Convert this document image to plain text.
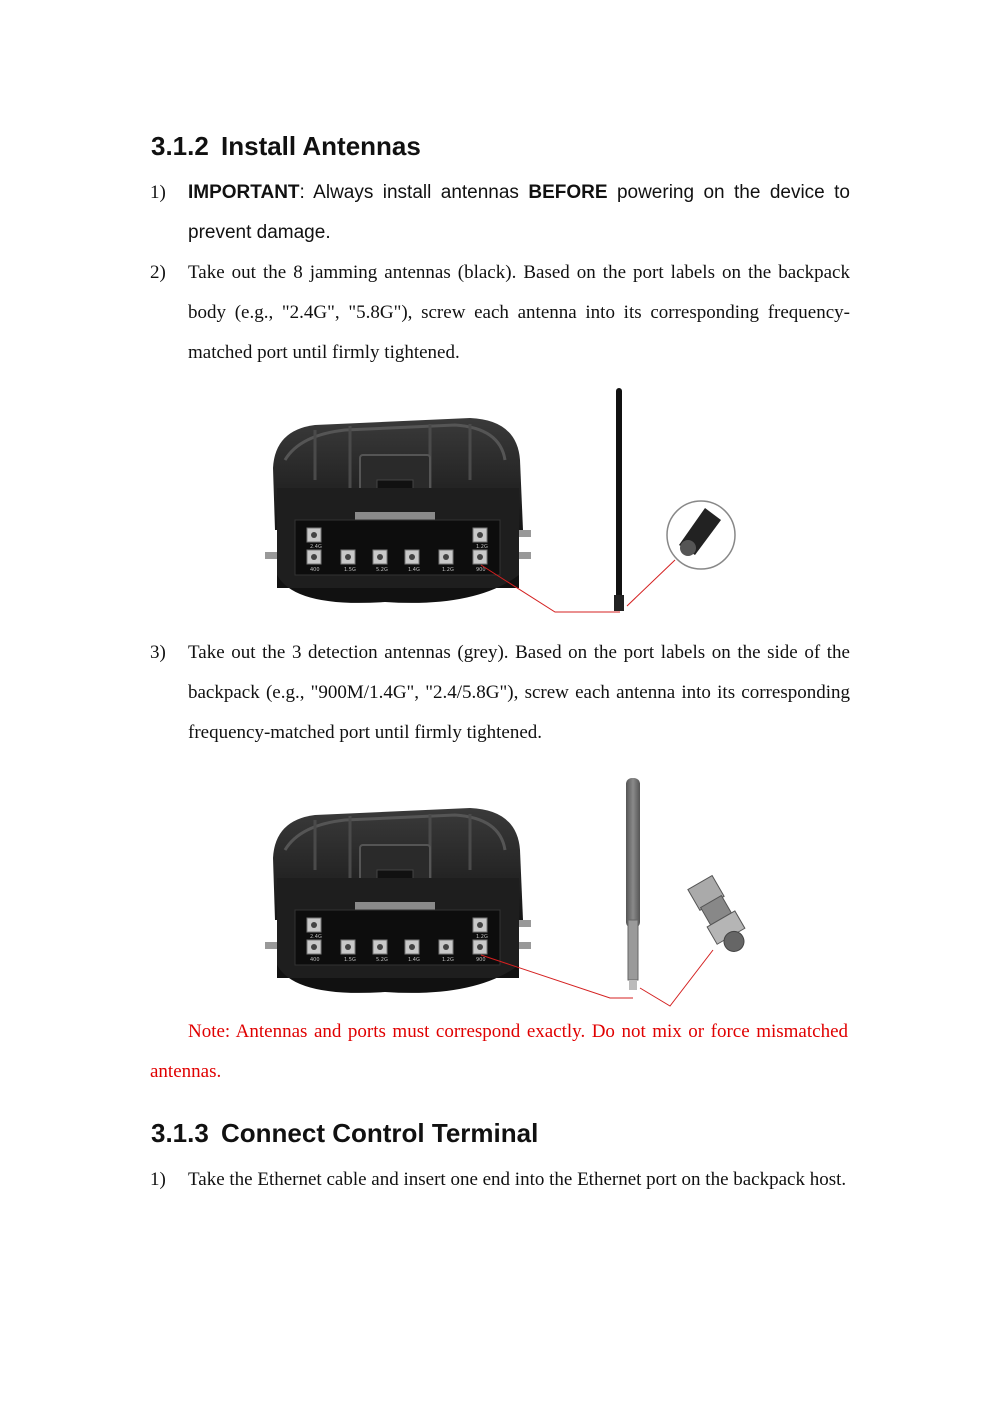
3.1.2 Install Antennas
1) IMPORTANT: Always install antennas BEFORE powering on the device to prevent damage.
2) Take out the 8 jamming antennas (black). Based on the port labels on the backpack body (e.g., "2.4G", "5.8G"), screw each antenna into its corresponding frequency-matched port until firmly tightened.
2.4G	1.2G
400	1.5G	5.2G	1.4G	1.2G	900
3) Take out the 3 detection antennas (grey). Based on the port labels on the side of the backpack (e.g., "900M/1.4G", "2.4/5.8G"), screw each antenna into its corresponding frequency-matched port until firmly tightened.
2.4G	1.2G
400	1.5G	5.2G	1.4G	1.2G	900
Note: Antennas and ports must correspond exactly. Do not mix or force mismatched antennas.
3.1.3 Connect Control Terminal
1) Take the Ethernet cable and insert one end into the Ethernet port on the backpack host.
